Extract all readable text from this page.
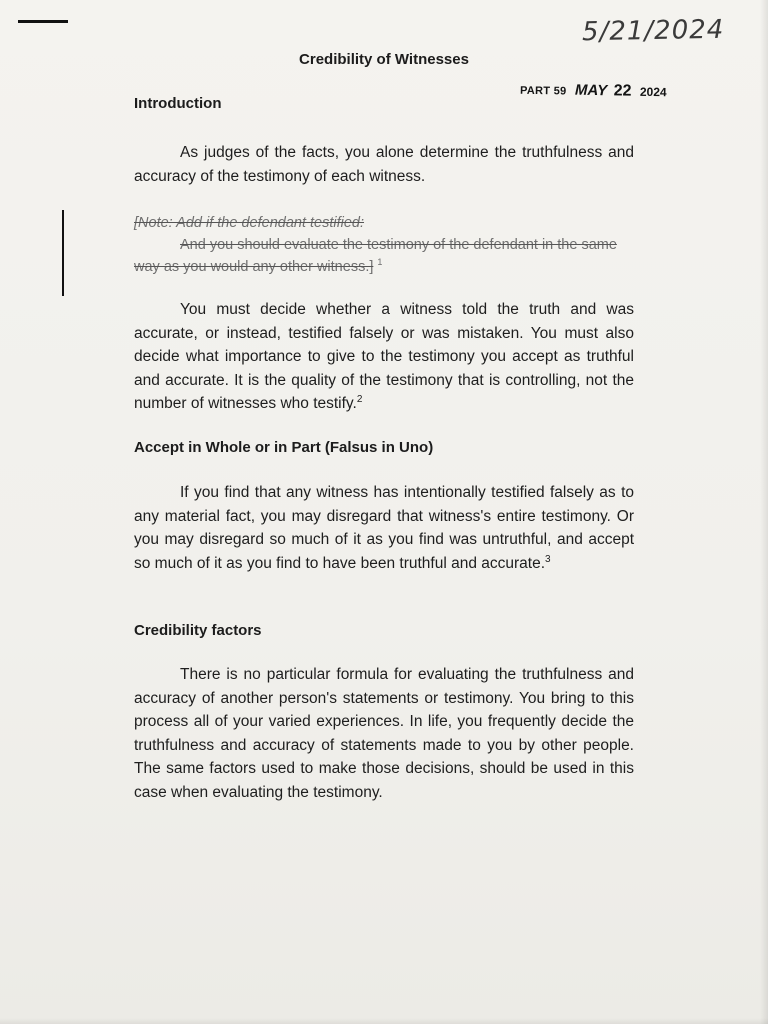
5/21/2024
PART 59 MAY 22 2024
Credibility of Witnesses
Introduction
As judges of the facts, you alone determine the truthfulness and accuracy of the testimony of each witness.
[Note: Add if the defendant testified:
And you should evaluate the testimony of the defendant in the same way as you would any other witness.] $^1$
You must decide whether a witness told the truth and was accurate, or instead, testified falsely or was mistaken. You must also decide what importance to give to the testimony you accept as truthful and accurate. It is the quality of the testimony that is controlling, not the number of witnesses who testify.$^2$
Accept in Whole or in Part (Falsus in Uno)
If you find that any witness has intentionally testified falsely as to any material fact, you may disregard that witness's entire testimony. Or you may disregard so much of it as you find was untruthful, and accept so much of it as you find to have been truthful and accurate.$^3$
Credibility factors
There is no particular formula for evaluating the truthfulness and accuracy of another person's statements or testimony. You bring to this process all of your varied experiences. In life, you frequently decide the truthfulness and accuracy of statements made to you by other people. The same factors used to make those decisions, should be used in this case when evaluating the testimony.
